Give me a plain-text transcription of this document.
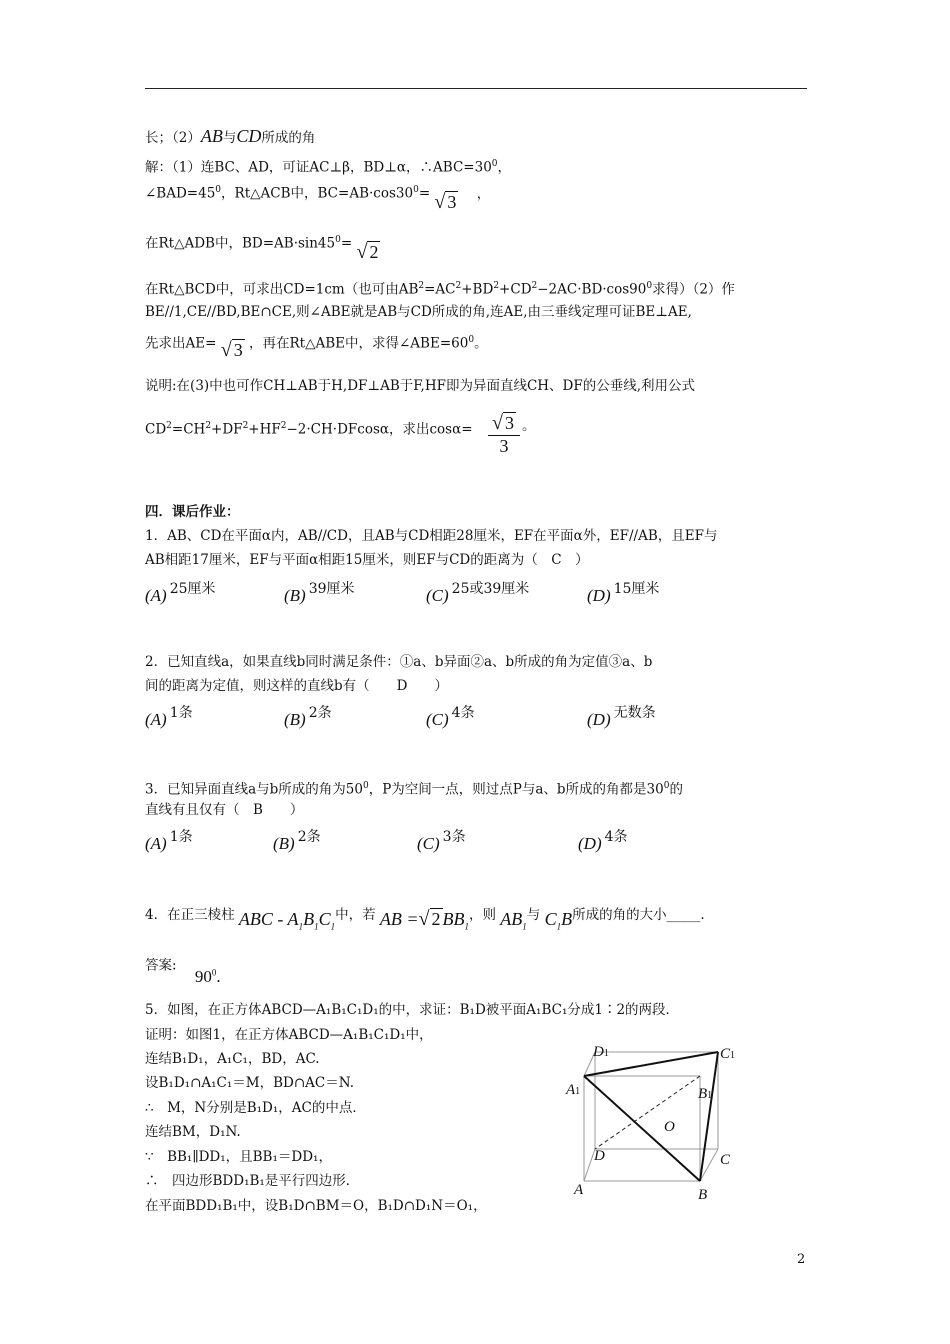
长；（2）AB与CD所成的角
解：（1）连BC、AD，可证AC⊥β，BD⊥α，$\therefore ABC=30^0$，
$\angle BAD=45^0$，Rt△ACB中，$BC=AB\cdot\cos 30^0=$ √ 3 ，
在Rt△ADB中，$BD=AB\cdot\sin 45^0=$ √ 2
在Rt△BCD中，可求出CD=1cm（也可由$AB^2=AC^2+BD^2+CD^2-2AC\cdot BD\cdot\cos 90^0$求得）（2）作
BE//1,CE//BD,BE∩CE,则∠ABE就是AB与CD所成的角,连AE,由三垂线定理可证BE⊥AE,
先求出AE= √ 3 ，再在Rt△ABE中，求得$\angle ABE=60^0$。
说明:在(3)中也可作CH⊥AB于H,DF⊥AB于F,HF即为异面直线CH、DF的公垂线,利用公式
$CD^2=CH^2+DF^2+HF^2-2\cdot CH\cdot DFcos\alpha$，求出$\cos\alpha= \frac{√ 3}{3}$ 。
四．课后作业：
1．AB、CD在平面α内，AB//CD，且AB与CD相距28厘米，EF在平面α外，EF//AB，且EF与
AB相距17厘米，EF与平面α相距15厘米，则EF与CD的距离为（　C　）
(A) 25厘米	(B) 39厘米	(C) 25或39厘米	(D) 15厘米
2．已知直线a，如果直线b同时满足条件：①a、b异面②a、b所成的角为定值③a、b
间的距离为定值，则这样的直线b有（　　D　　）
(A) 1条	(B) 2条	(C) 4条	(D) 无数条
3．已知异面直线a与b所成的角为$50^0$，P为空间一点，则过点P与a、b所成的角都是$30^0$的
直线有且仅有（　B　　）
(A) 1条	(B) 2条	(C) 3条	(D) 4条
4．在正三棱柱 ABC - $A_1B_1C_1$中，若 AB = √ 2 $BB_1$，则 $AB_1$与 $C_1B$所成的角的大小_____.
答案: $90^0$.
5．如图，在正方体ABCD—A₁B₁C₁D₁的中，求证：B₁D被平面A₁BC₁分成1∶2的两段．
证明：如图1，在正方体ABCD—A₁B₁C₁D₁中，
连结B₁D₁，A₁C₁，BD，AC.
设B₁D₁∩A₁C₁＝M，BD∩AC＝N.
∴　M，N分别是B₁D₁，AC的中点．
连结BM，D₁N.
∵　BB₁∥DD₁，且BB₁＝DD₁，
∴　四边形BDD₁B₁是平行四边形．
在平面BDD₁B₁中，设B₁D∩BM＝O，B₁D∩D₁N＝O₁，
D1	C1
A1	B1
O
D	C
A	B
2
